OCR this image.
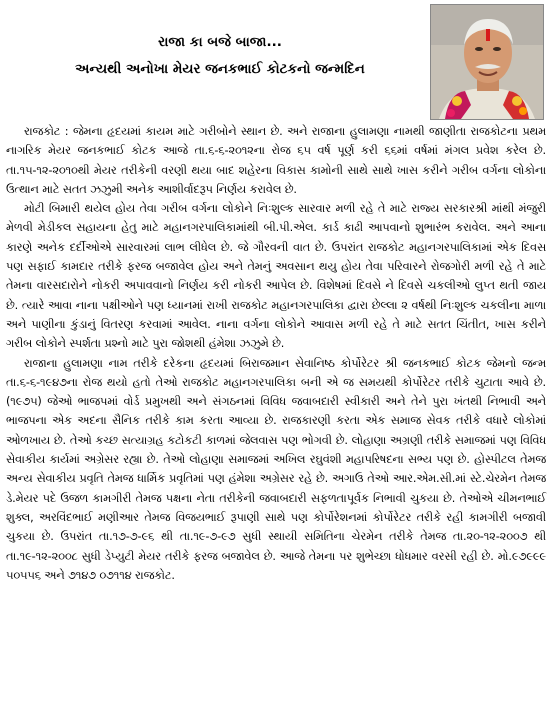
રાજા કા બજે બાજા...
અન્યથી અનોખા મેયર જનકભાઈ કોટકનો જન્મદિન

રાજકોટ : જેમના હૃદયમાં કાયમ માટે ગરીબોને સ્થાન છે. અને રાજાના હુલામણા નામથી જાણીતા રાજકોટના પ્રથમ નાગરિક મેયર જનકભાઈ કોટક આજે તા.૬-૬-૨૦૧૨ના રોજ ૬૫ વર્ષ પૂર્ણ કરી ૬૬માં વર્ષમાં મંગલ પ્રવેશ કરેલ છે. તા.૧૫-૧૨-૨૦૧૦થી મેયર તરીકેની વરણી થયા બાદ શહેરના વિકાસ કામોની સાથે સાથે ખાસ કરીને ગરીબ વર્ગના લોકોના ઉત્થાન માટે સતત ઝઝુમી અનેક આશીર્વાદરૂપ નિર્ણય કરાવેલ છે.

મોટી બિમારી થયેલ હોય તેવા ગરીબ વર્ગના લોકોને નિઃશુલ્ક સારવાર મળી રહે તે માટે રાજ્ય સરકારશ્રી માંથી મંજુરી મેળવી મેડીકલ સહાયના હેતુ માટે મહાનગરપાલિકામાંથી બી.પી.એલ. કાર્ડ કાઢી આપવાનો શુભારંભ કરાવેલ. અને આના કારણે અનેક દર્દીઓએ સારવારમાં લાભ લીધેલ છે. જે ગૌરવની વાત છે. ઉપરાંત રાજકોટ મહાનગરપાલિકામાં એક દિવસ પણ સફાઈ કામદાર તરીકે ફરજ બજાવેલ હોય અને તેમનું અવસાન થયુ હોય તેવા પરિવારને રોજગોરી મળી રહે તે માટે તેમના વારસદારોને નોકરી અપાવવાનો નિર્ણય કરી નોકરી આપેલ છે. વિશેષમાં દિવસે ને દિવસે ચકલીઓ લુપ્ત થતી જાય છે. ત્યારે આવા નાના પક્ષીઓને પણ ધ્યાનમાં રાખી રાજકોટ મહાનગરપાલિકા દ્વારા છેલ્લા ૨ વર્ષથી નિઃશુલ્ક ચકલીના માળા અને પાણીના કુંડાનું વિતરણ કરવામાં આવેલ. નાના વર્ગના લોકોને આવાસ મળી રહે તે માટે સતત ચિંતીત, ખાસ કરીને ગરીબ લોકોને સ્પર્શતા પ્રશ્નો માટે પુરા જોશથી હંમેશા ઝઝુમે છે.

રાજાના હુલામણા નામ તરીકે દરેકના હૃદયમાં બિરાજમાન સેવાનિષ્ઠ કોર્પોરેટર શ્રી જનકભાઈ કોટક જેમનો જન્મ તા.૬-૬-૧૯૪૭ના રોજ થયો હતો તેઓ રાજકોટ મહાનગરપાલિકા બની એ જ સમયથી કોર્પોરેટર તરીકે ચુટાતા આવે છે. (૧૯૭૫) જેઓ ભાજપમાં વોર્ડ પ્રમુખથી અને સંગઠનમાં વિવિધ જવાબદારી સ્વીકારી અને તેને પુરા ખંતથી નિભાવી અને ભાજપના એક અદના સૈનિક તરીકે કામ કરતા આવ્યા છે. રાજકારણી કરતા એક સમાજ સેવક તરીકે વધારે લોકોમાં ઓળખાય છે. તેઓ કચ્છ સત્યાગ્રહ કટોકટી કાળમાં જેલવાસ પણ ભોગવી છે. લોહાણા અગ્રણી તરીકે સમાજમાં પણ વિવિધ સેવાકીય કાર્યમાં અગ્રેસર રહ્યા છે. તેઓ લોહાણા સમાજમાં અખિલ રઘુવંશી મહાપરિષદના સભ્ય પણ છે. હોસ્પીટલ તેમજ અન્ય સેવાકીય પ્રવૃતિ તેમજ ધાર્મિક પ્રવૃતિમાં પણ હંમેશા અગ્રેસર રહે છે. અગાઉ તેઓ આર.એમ.સી.માં સ્ટે.ચેરમેન તેમજ ડે.મેયર પદે ઉજળ કામગીરી તેમજ પક્ષના નેતા તરીકેની જવાબદારી સફળતાપૂર્વક નિભાવી ચુકયા છે. તેઓએ ચીમનભાઈ શુક્લ, અરવિંદભાઈ મણીઆર તેમજ વિજયભાઈ રૂપાણી સાથે પણ કોર્પોરેશનમાં કોર્પોરેટર તરીકે રહી કામગીરી બજાવી ચુકયા છે. ઉપરાંત તા.૧૭-૭-૯૬ થી તા.૧૯-૭-૯૭ સુધી સ્થાયી સમિતિના ચેરમેન તરીકે તેમજ તા.૨૦-૧૨-૨૦૦૭ થી તા.૧૯-૧૨-૨૦૦૮ સુધી ડેપ્યુટી મેયર તરીકે ફરજ બજાવેલ છે. આજે તેમના પર શુભેચ્છા ધોધમાર વરસી રહી છે. મો.૯૭૯૯૯ ૫૦૫૫૬ અને ૭૧૪૭ ૦૭૧૧૪ રાજકોટ.
